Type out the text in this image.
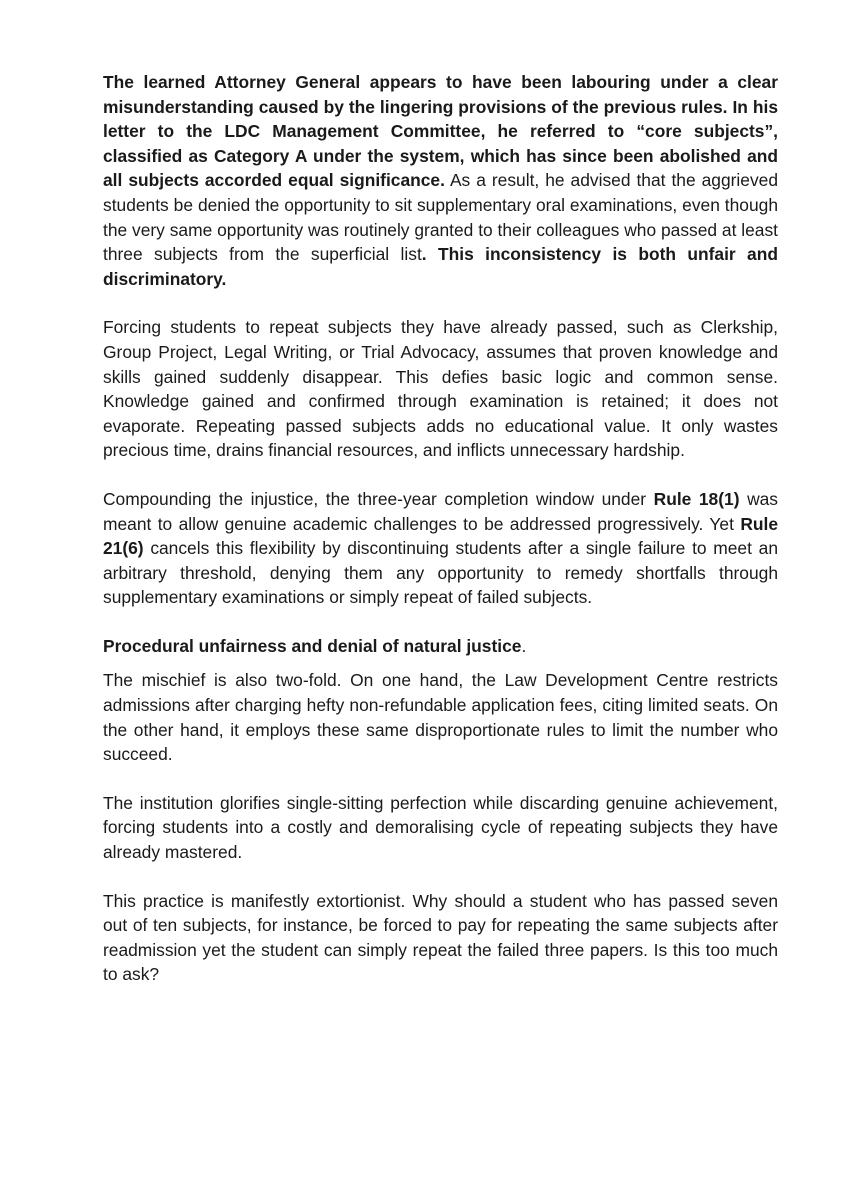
The learned Attorney General appears to have been labouring under a clear misunderstanding caused by the lingering provisions of the previous rules. In his letter to the LDC Management Committee, he referred to “core subjects”, classified as Category A under the system, which has since been abolished and all subjects accorded equal significance. As a result, he advised that the aggrieved students be denied the opportunity to sit supplementary oral examinations, even though the very same opportunity was routinely granted to their colleagues who passed at least three subjects from the superficial list. This inconsistency is both unfair and discriminatory.

Forcing students to repeat subjects they have already passed, such as Clerkship, Group Project, Legal Writing, or Trial Advocacy, assumes that proven knowledge and skills gained suddenly disappear. This defies basic logic and common sense. Knowledge gained and confirmed through examination is retained; it does not evaporate. Repeating passed subjects adds no educational value. It only wastes precious time, drains financial resources, and inflicts unnecessary hardship.

Compounding the injustice, the three-year completion window under Rule 18(1) was meant to allow genuine academic challenges to be addressed progressively. Yet Rule 21(6) cancels this flexibility by discontinuing students after a single failure to meet an arbitrary threshold, denying them any opportunity to remedy shortfalls through supplementary examinations or simply repeat of failed subjects.

Procedural unfairness and denial of natural justice.

The mischief is also two-fold. On one hand, the Law Development Centre restricts admissions after charging hefty non-refundable application fees, citing limited seats. On the other hand, it employs these same disproportionate rules to limit the number who succeed.

The institution glorifies single-sitting perfection while discarding genuine achievement, forcing students into a costly and demoralising cycle of repeating subjects they have already mastered.

This practice is manifestly extortionist. Why should a student who has passed seven out of ten subjects, for instance, be forced to pay for repeating the same subjects after readmission yet the student can simply repeat the failed three papers. Is this too much to ask?
